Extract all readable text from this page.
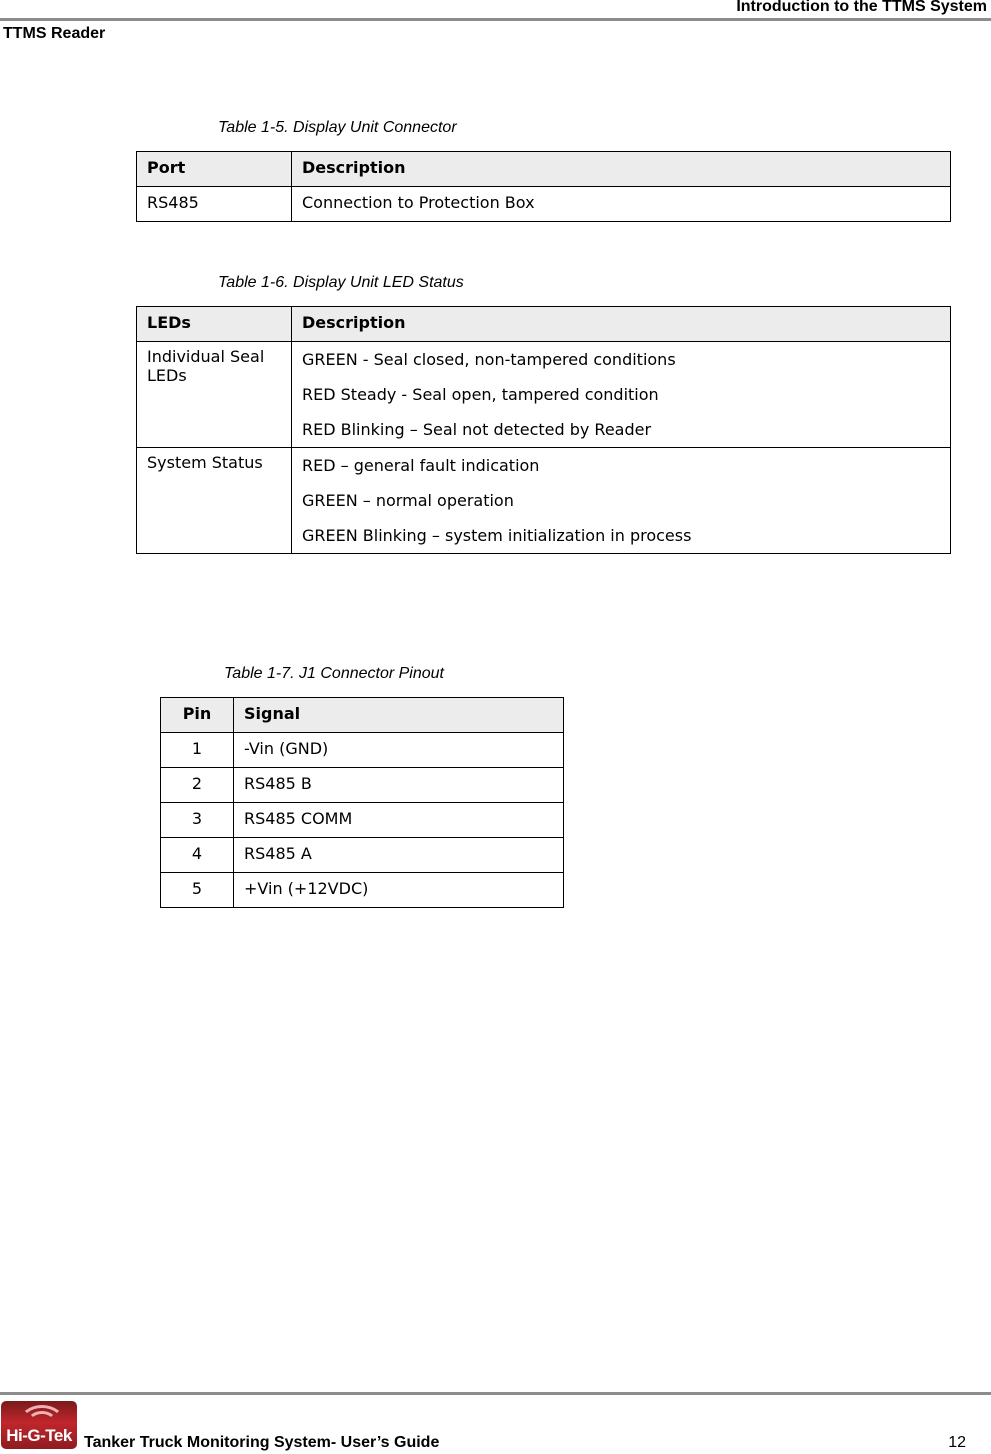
Introduction to the TTMS System
TTMS Reader
Table 1-5. Display Unit Connector
Port	Description
RS485	Connection to Protection Box
Table 1-6. Display Unit LED Status
LEDs	Description
Individual Seal LEDs	GREEN - Seal closed, non-tampered conditions
RED Steady - Seal open, tampered condition
RED Blinking – Seal not detected by Reader

System Status	RED – general fault indication
GREEN – normal operation
GREEN Blinking – system initialization in process
Table 1-7. J1 Connector Pinout
Pin	Signal
1	-Vin (GND)
2	RS485 B
3	RS485 COMM
4	RS485 A
5	+Vin (+12VDC)
Hi-G-Tek Tanker Truck Monitoring System- User’s Guide	12
